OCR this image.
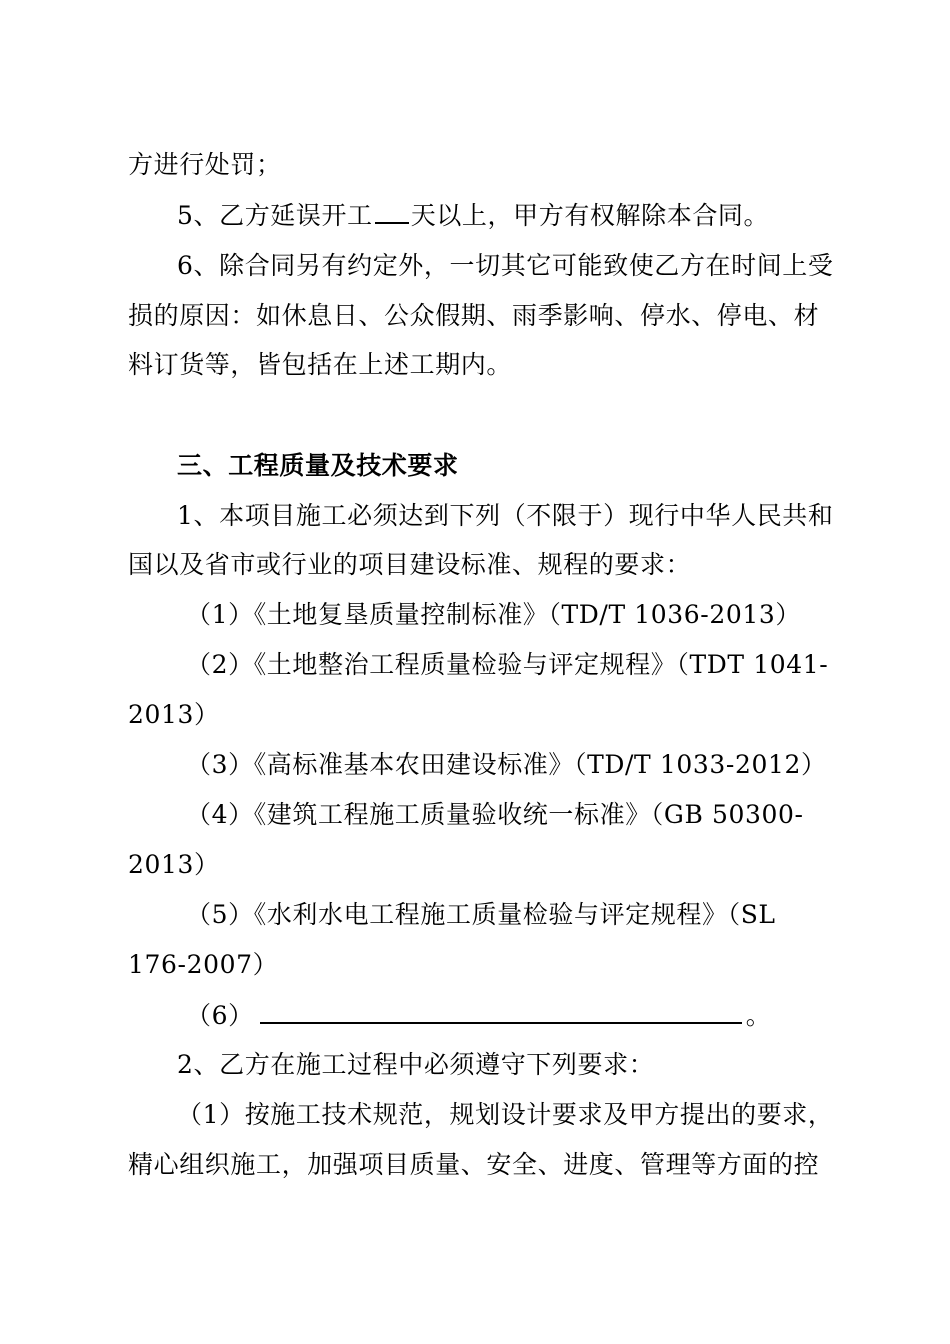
方进行处罚；
5、乙方延误开工 天以上，甲方有权解除本合同。
6、除合同另有约定外，一切其它可能致使乙方在时间上受
损的原因：如休息日、公众假期、雨季影响、停水、停电、材
料订货等，皆包括在上述工期内。
三、工程质量及技术要求
1、本项目施工必须达到下列（不限于）现行中华人民共和
国以及省市或行业的项目建设标准、规程的要求：
（1）《土地复垦质量控制标准》（TD/T 1036-2013）
（2）《土地整治工程质量检验与评定规程》（TDT 1041-
2013）
（3）《高标准基本农田建设标准》（TD/T 1033-2012）
（4）《建筑工程施工质量验收统一标准》（GB 50300-
2013）
（5）《水利水电工程施工质量检验与评定规程》（SL
176-2007）
（6）	。
2、乙方在施工过程中必须遵守下列要求：
（1）按施工技术规范，规划设计要求及甲方提出的要求，
精心组织施工，加强项目质量、安全、进度、管理等方面的控
